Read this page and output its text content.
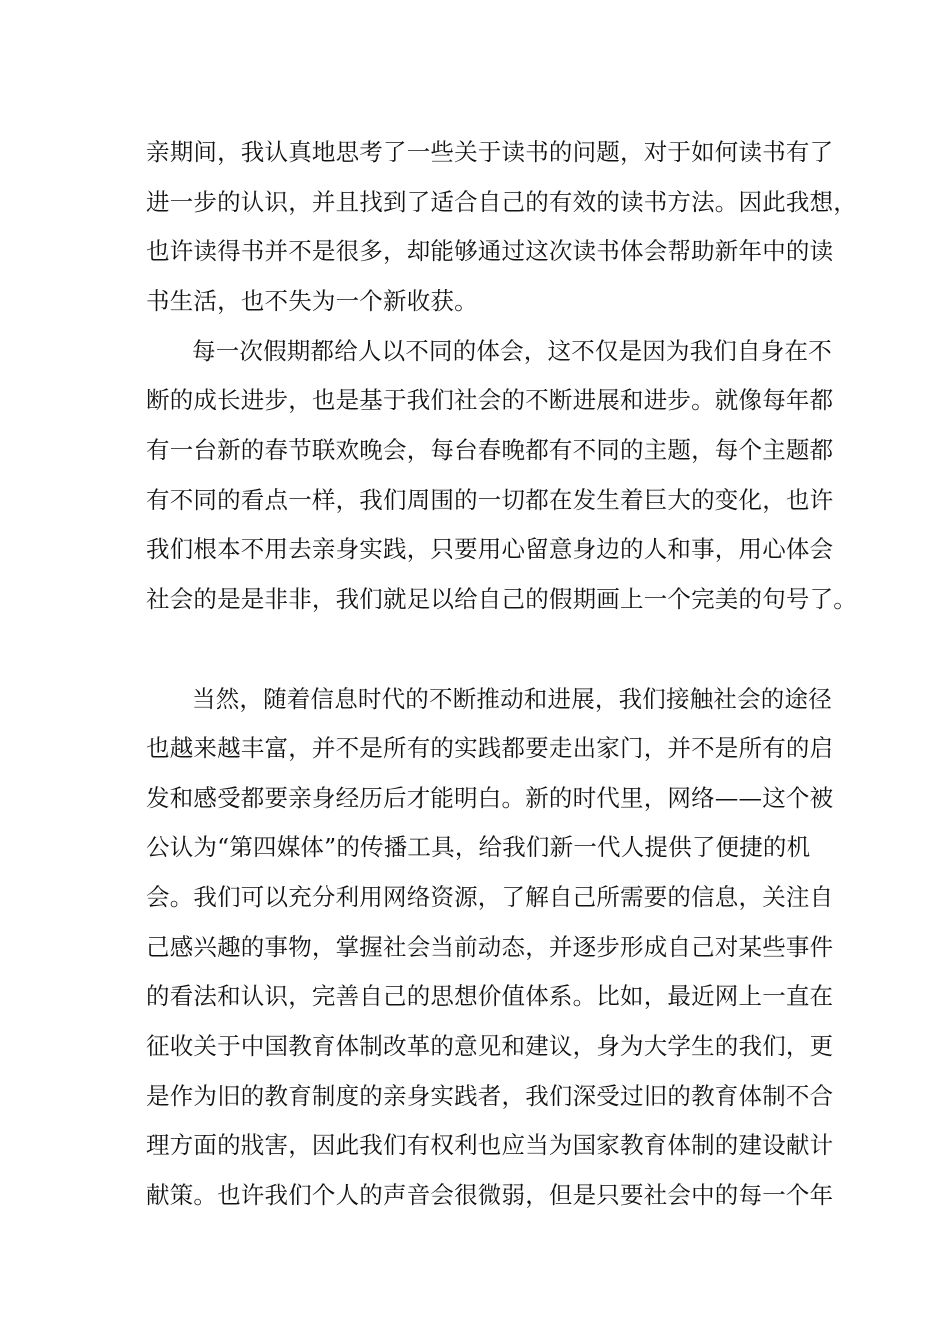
亲期间，我认真地思考了一些关于读书的问题，对于如何读书有了
进一步的认识，并且找到了适合自己的有效的读书方法。因此我想，
也许读得书并不是很多，却能够通过这次读书体会帮助新年中的读
书生活，也不失为一个新收获。
每一次假期都给人以不同的体会，这不仅是因为我们自身在不
断的成长进步，也是基于我们社会的不断进展和进步。就像每年都
有一台新的春节联欢晚会，每台春晚都有不同的主题，每个主题都
有不同的看点一样，我们周围的一切都在发生着巨大的变化，也许
我们根本不用去亲身实践，只要用心留意身边的人和事，用心体会
社会的是是非非，我们就足以给自己的假期画上一个完美的句号了。
当然，随着信息时代的不断推动和进展，我们接触社会的途径
也越来越丰富，并不是所有的实践都要走出家门，并不是所有的启
发和感受都要亲身经历后才能明白。新的时代里，网络——这个被
公认为“第四媒体”的传播工具，给我们新一代人提供了便捷的机
会。我们可以充分利用网络资源，了解自己所需要的信息，关注自
己感兴趣的事物，掌握社会当前动态，并逐步形成自己对某些事件
的看法和认识，完善自己的思想价值体系。比如，最近网上一直在
征收关于中国教育体制改革的意见和建议，身为大学生的我们，更
是作为旧的教育制度的亲身实践者，我们深受过旧的教育体制不合
理方面的戕害，因此我们有权利也应当为国家教育体制的建设献计
献策。也许我们个人的声音会很微弱，但是只要社会中的每一个年
